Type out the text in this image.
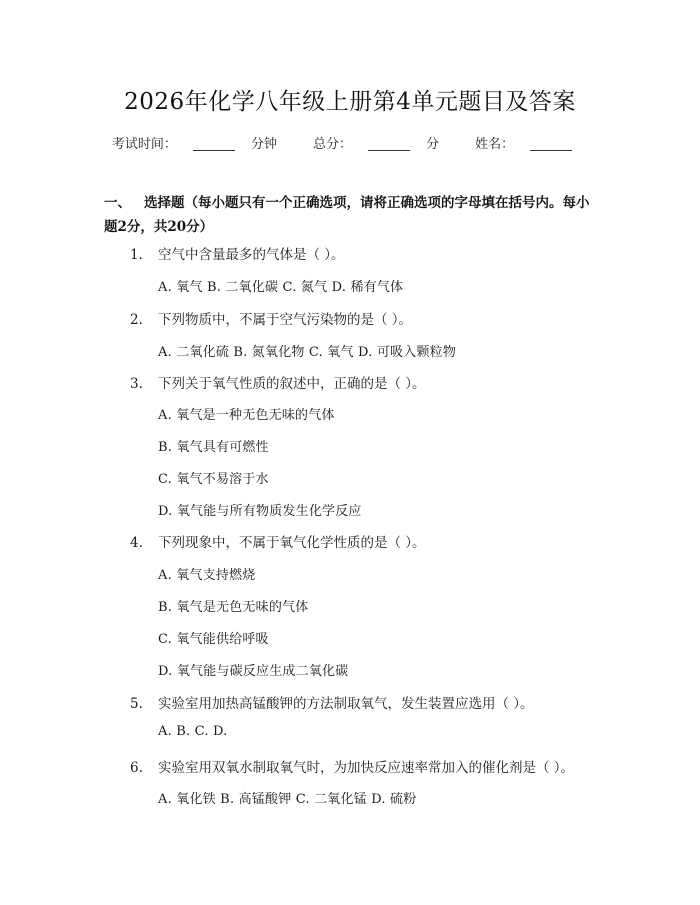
2026年化学八年级上册第4单元题目及答案
考试时间：	分钟	总分：	分	姓名：
一、 选择题（每小题只有一个正确选项，请将正确选项的字母填在括号内。每小题2分，共20分）
1. 空气中含量最多的气体是（ ）。
A. 氧气 B. 二氧化碳 C. 氮气 D. 稀有气体
2. 下列物质中，不属于空气污染物的是（ ）。
A. 二氧化硫 B. 氮氧化物 C. 氧气 D. 可吸入颗粒物
3. 下列关于氧气性质的叙述中，正确的是（ ）。
A. 氧气是一种无色无味的气体
B. 氧气具有可燃性
C. 氧气不易溶于水
D. 氧气能与所有物质发生化学反应
4. 下列现象中，不属于氧气化学性质的是（ ）。
A. 氧气支持燃烧
B. 氧气是无色无味的气体
C. 氧气能供给呼吸
D. 氧气能与碳反应生成二氧化碳
5. 实验室用加热高锰酸钾的方法制取氧气，发生装置应选用（ ）。
A. B. C. D.
6. 实验室用双氧水制取氧气时，为加快反应速率常加入的催化剂是（ ）。
A. 氧化铁 B. 高锰酸钾 C. 二氧化锰 D. 硫粉
